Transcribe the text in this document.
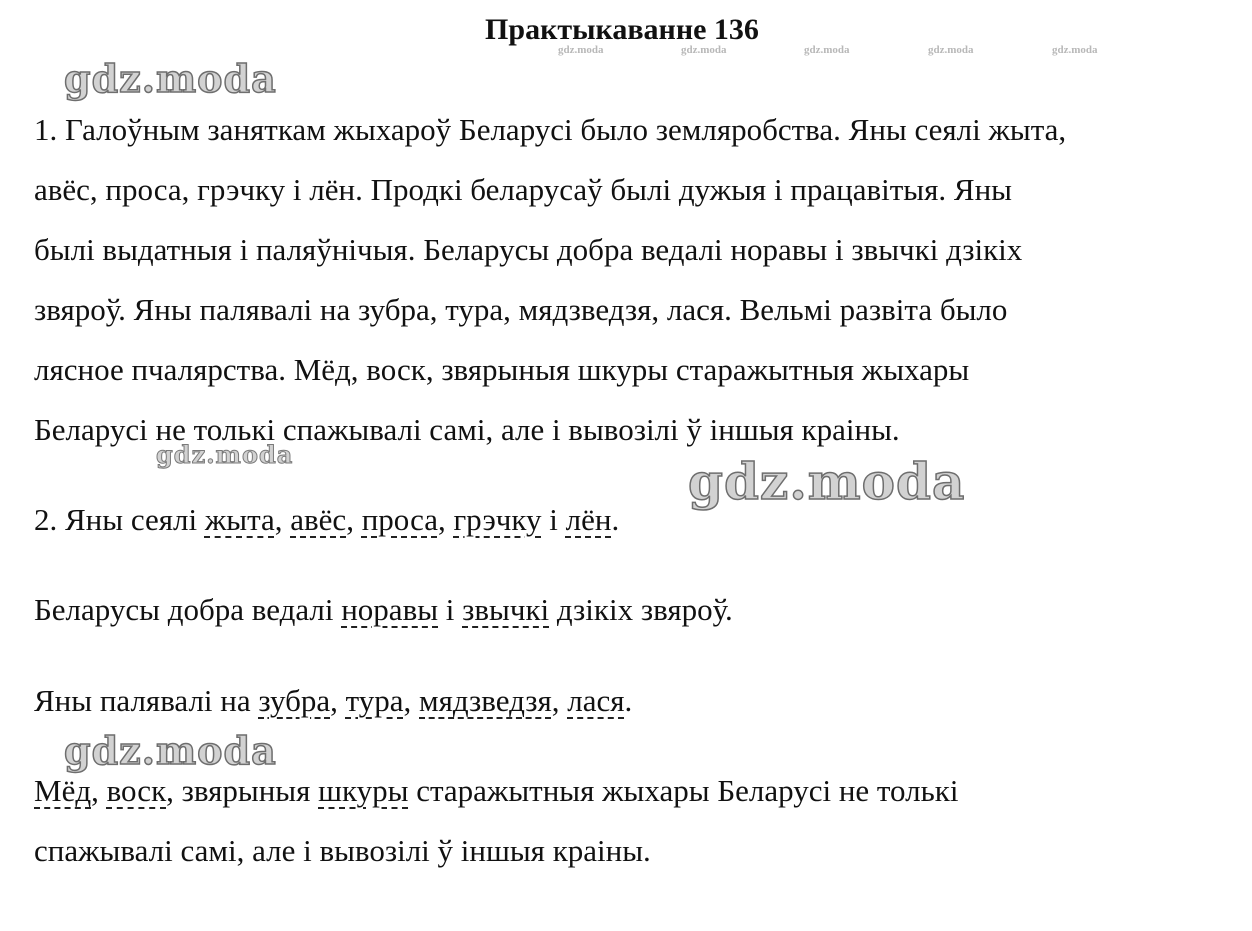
Практыкаванне 136
gdz.moda	gdz.moda	gdz.moda	gdz.moda	gdz.moda
1. Галоўным заняткам жыхароў Беларусі было земляробства. Яны сеялі жыта,
авёс, проса, грэчку і лён. Продкі беларусаў былі дужыя і працавітыя. Яны
былі выдатныя і паляўнічыя. Беларусы добра ведалі норавы і звычкі дзікіх
звяроў. Яны палявалі на зубра, тура, мядзведзя, лася. Вельмі развіта было
лясное пчалярства. Мёд, воск, звярыныя шкуры старажытныя жыхары
Беларусі не толькі спажывалі самі, але і вывозілі ў іншыя краіны.
2. Яны сеялі жыта, авёс, проса, грэчку і лён.
Беларусы добра ведалі норавы і звычкі дзікіх звяроў.
Яны палявалі на зубра, тура, мядзведзя, лася.
Мёд, воск, звярыныя шкуры старажытныя жыхары Беларусі не толькі
спажывалі самі, але і вывозілі ў іншыя краіны.
gdz.moda
gdz.moda	gdz.moda
gdz.moda
